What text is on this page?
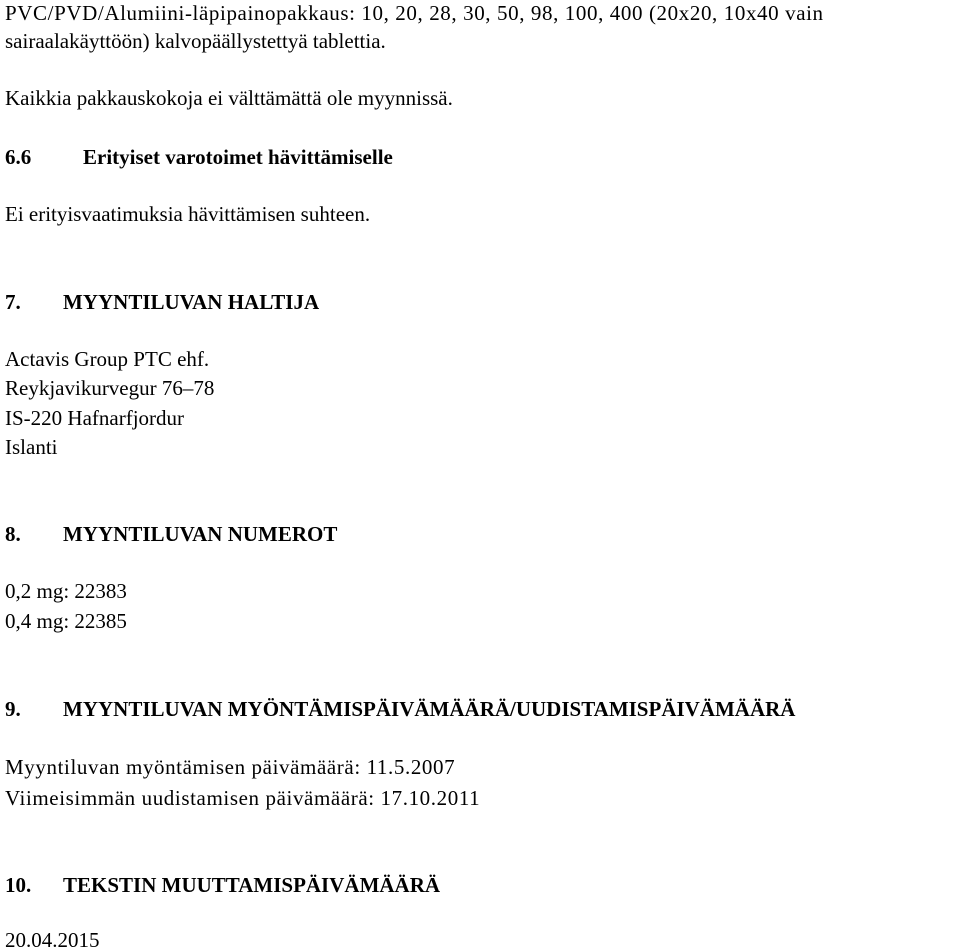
PVC/PVD/Alumiini-läpipainopakkaus: 10, 20, 28, 30, 50, 98, 100, 400 (20x20, 10x40 vain
sairaalakäyttöön) kalvopäällystettyä tablettia.
Kaikkia pakkauskokoja ei välttämättä ole myynnissä.
6.6 Erityiset varotoimet hävittämiselle
Ei erityisvaatimuksia hävittämisen suhteen.
7. MYYNTILUVAN HALTIJA
Actavis Group PTC ehf.
Reykjavikurvegur 76–78
IS-220 Hafnarfjordur
Islanti
8. MYYNTILUVAN NUMEROT
0,2 mg: 22383
0,4 mg: 22385
9. MYYNTILUVAN MYÖNTÄMISPÄIVÄMÄÄRÄ/UUDISTAMISPÄIVÄMÄÄRÄ
Myyntiluvan myöntämisen päivämäärä: 11.5.2007
Viimeisimmän uudistamisen päivämäärä: 17.10.2011
10. TEKSTIN MUUTTAMISPÄIVÄMÄÄRÄ
20.04.2015
